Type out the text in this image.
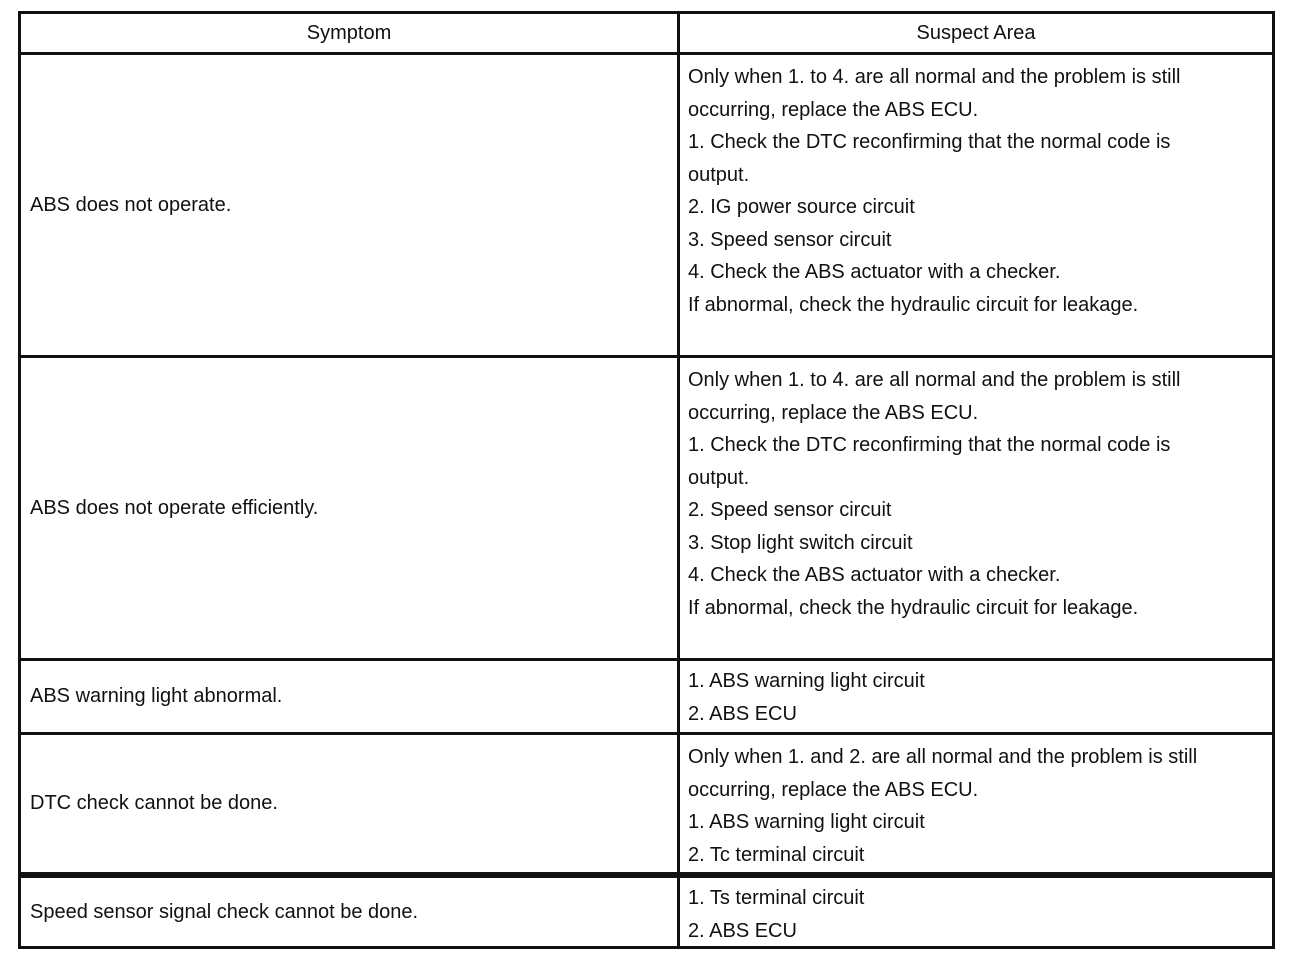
Symptom	Suspect Area
ABS does not operate.
Only when 1. to 4. are all normal and the problem is still
occurring, replace the ABS ECU.
1. Check the DTC reconfirming that the normal code is
output.
2. IG power source circuit
3. Speed sensor circuit
4. Check the ABS actuator with a checker.
If abnormal, check the hydraulic circuit for leakage.
ABS does not operate efficiently.
Only when 1. to 4. are all normal and the problem is still
occurring, replace the ABS ECU.
1. Check the DTC reconfirming that the normal code is
output.
2. Speed sensor circuit
3. Stop light switch circuit
4. Check the ABS actuator with a checker.
If abnormal, check the hydraulic circuit for leakage.
ABS warning light abnormal.
1. ABS warning light circuit
2. ABS ECU
DTC check cannot be done.
Only when 1. and 2. are all normal and the problem is still
occurring, replace the ABS ECU.
1. ABS warning light circuit
2. Tc terminal circuit
Speed sensor signal check cannot be done.
1. Ts terminal circuit
2. ABS ECU
